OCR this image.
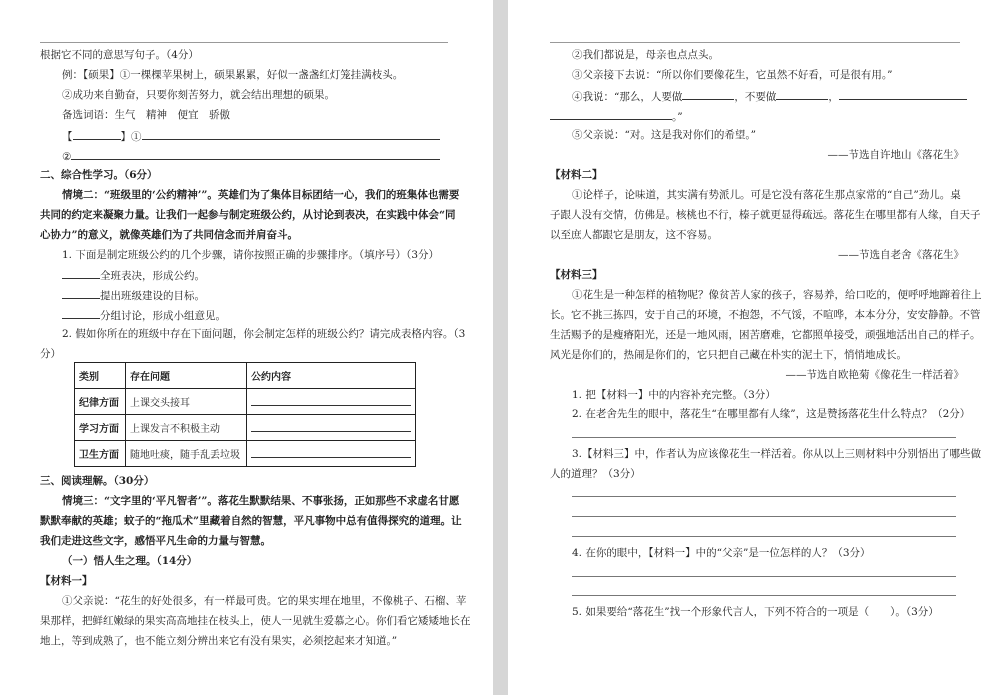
根据它不同的意思写句子。（4分）
例：【硕果】①一棵棵苹果树上，硕果累累，好似一盏盏红灯笼挂满枝头。
②成功来自勤奋，只要你刻苦努力，就会结出理想的硕果。
备选词语：生气　精神　便宜　骄傲
【	】①
②
二、综合性学习。（6分）
情境二：“班级里的‘公约精神’”。英雄们为了集体目标团结一心，我们的班集体也需要
共同的约定来凝聚力量。让我们一起参与制定班级公约，从讨论到表决，在实践中体会“同
心协力”的意义，就像英雄们为了共同信念而并肩奋斗。
1. 下面是制定班级公约的几个步骤，请你按照正确的步骤排序。（填序号）（3分）
全班表决，形成公约。
提出班级建设的目标。
分组讨论，形成小组意见。
2. 假如你所在的班级中存在下面问题，你会制定怎样的班级公约？请完成表格内容。（3
分）
类别	存在问题	公约内容
纪律方面	上课交头接耳	
学习方面	上课发言不积极主动	
卫生方面	随地吐痰，随手乱丢垃圾	
三、阅读理解。（30分）
情境三：“文字里的‘平凡智者’”。落花生默默结果、不事张扬，正如那些不求虚名甘愿
默默奉献的英雄；蚊子的“拖瓜术”里藏着自然的智慧，平凡事物中总有值得探究的道理。让
我们走进这些文字，感悟平凡生命的力量与智慧。
（一）悟人生之理。（14分）
【材料一】
①父亲说：“花生的好处很多，有一样最可贵。它的果实埋在地里，不像桃子、石榴、苹
果那样，把鲜红嫩绿的果实高高地挂在枝头上，使人一见就生爱慕之心。你们看它矮矮地长在
地上，等到成熟了，也不能立刻分辨出来它有没有果实，必须挖起来才知道。”
②我们都说是，母亲也点点头。
③父亲接下去说：“所以你们要像花生，它虽然不好看，可是很有用。”
④我说：“那么，人要做	，不要做	，
。”
⑤父亲说：“对。这是我对你们的希望。”
——节选自许地山《落花生》
【材料二】
①论样子，论味道，其实满有势派儿。可是它没有落花生那点家常的“自己”劲儿。桌
子跟人没有交情，仿佛是。核桃也不行，榛子就更显得疏远。落花生在哪里都有人缘，自天子
以至庶人都跟它是朋友，这不容易。
——节选自老舍《落花生》
【材料三】
①花生是一种怎样的植物呢？像贫苦人家的孩子，容易养，给口吃的，便呼呼地蹿着往上
长。它不挑三拣四，安于自己的环境，不抱怨，不气馁，不喧哗，本本分分，安安静静。不管
生活赐予的是瘦瘠阳光，还是一地风雨，困苦磨难，它都照单接受，顽强地活出自己的样子。
风光是你们的，热闹是你们的，它只把自己藏在朴实的泥土下，悄悄地成长。
——节选自欧艳菊《像花生一样活着》
1. 把【材料一】中的内容补充完整。（3分）
2. 在老舍先生的眼中，落花生“在哪里都有人缘”，这是赞扬落花生什么特点？（2分）
3.【材料三】中，作者认为应该像花生一样活着。你从以上三则材料中分别悟出了哪些做
人的道理？（3分）
4. 在你的眼中，【材料一】中的“父亲”是一位怎样的人？（3分）
5. 如果要给“落花生”找一个形象代言人，下列不符合的一项是（　　）。（3分）
